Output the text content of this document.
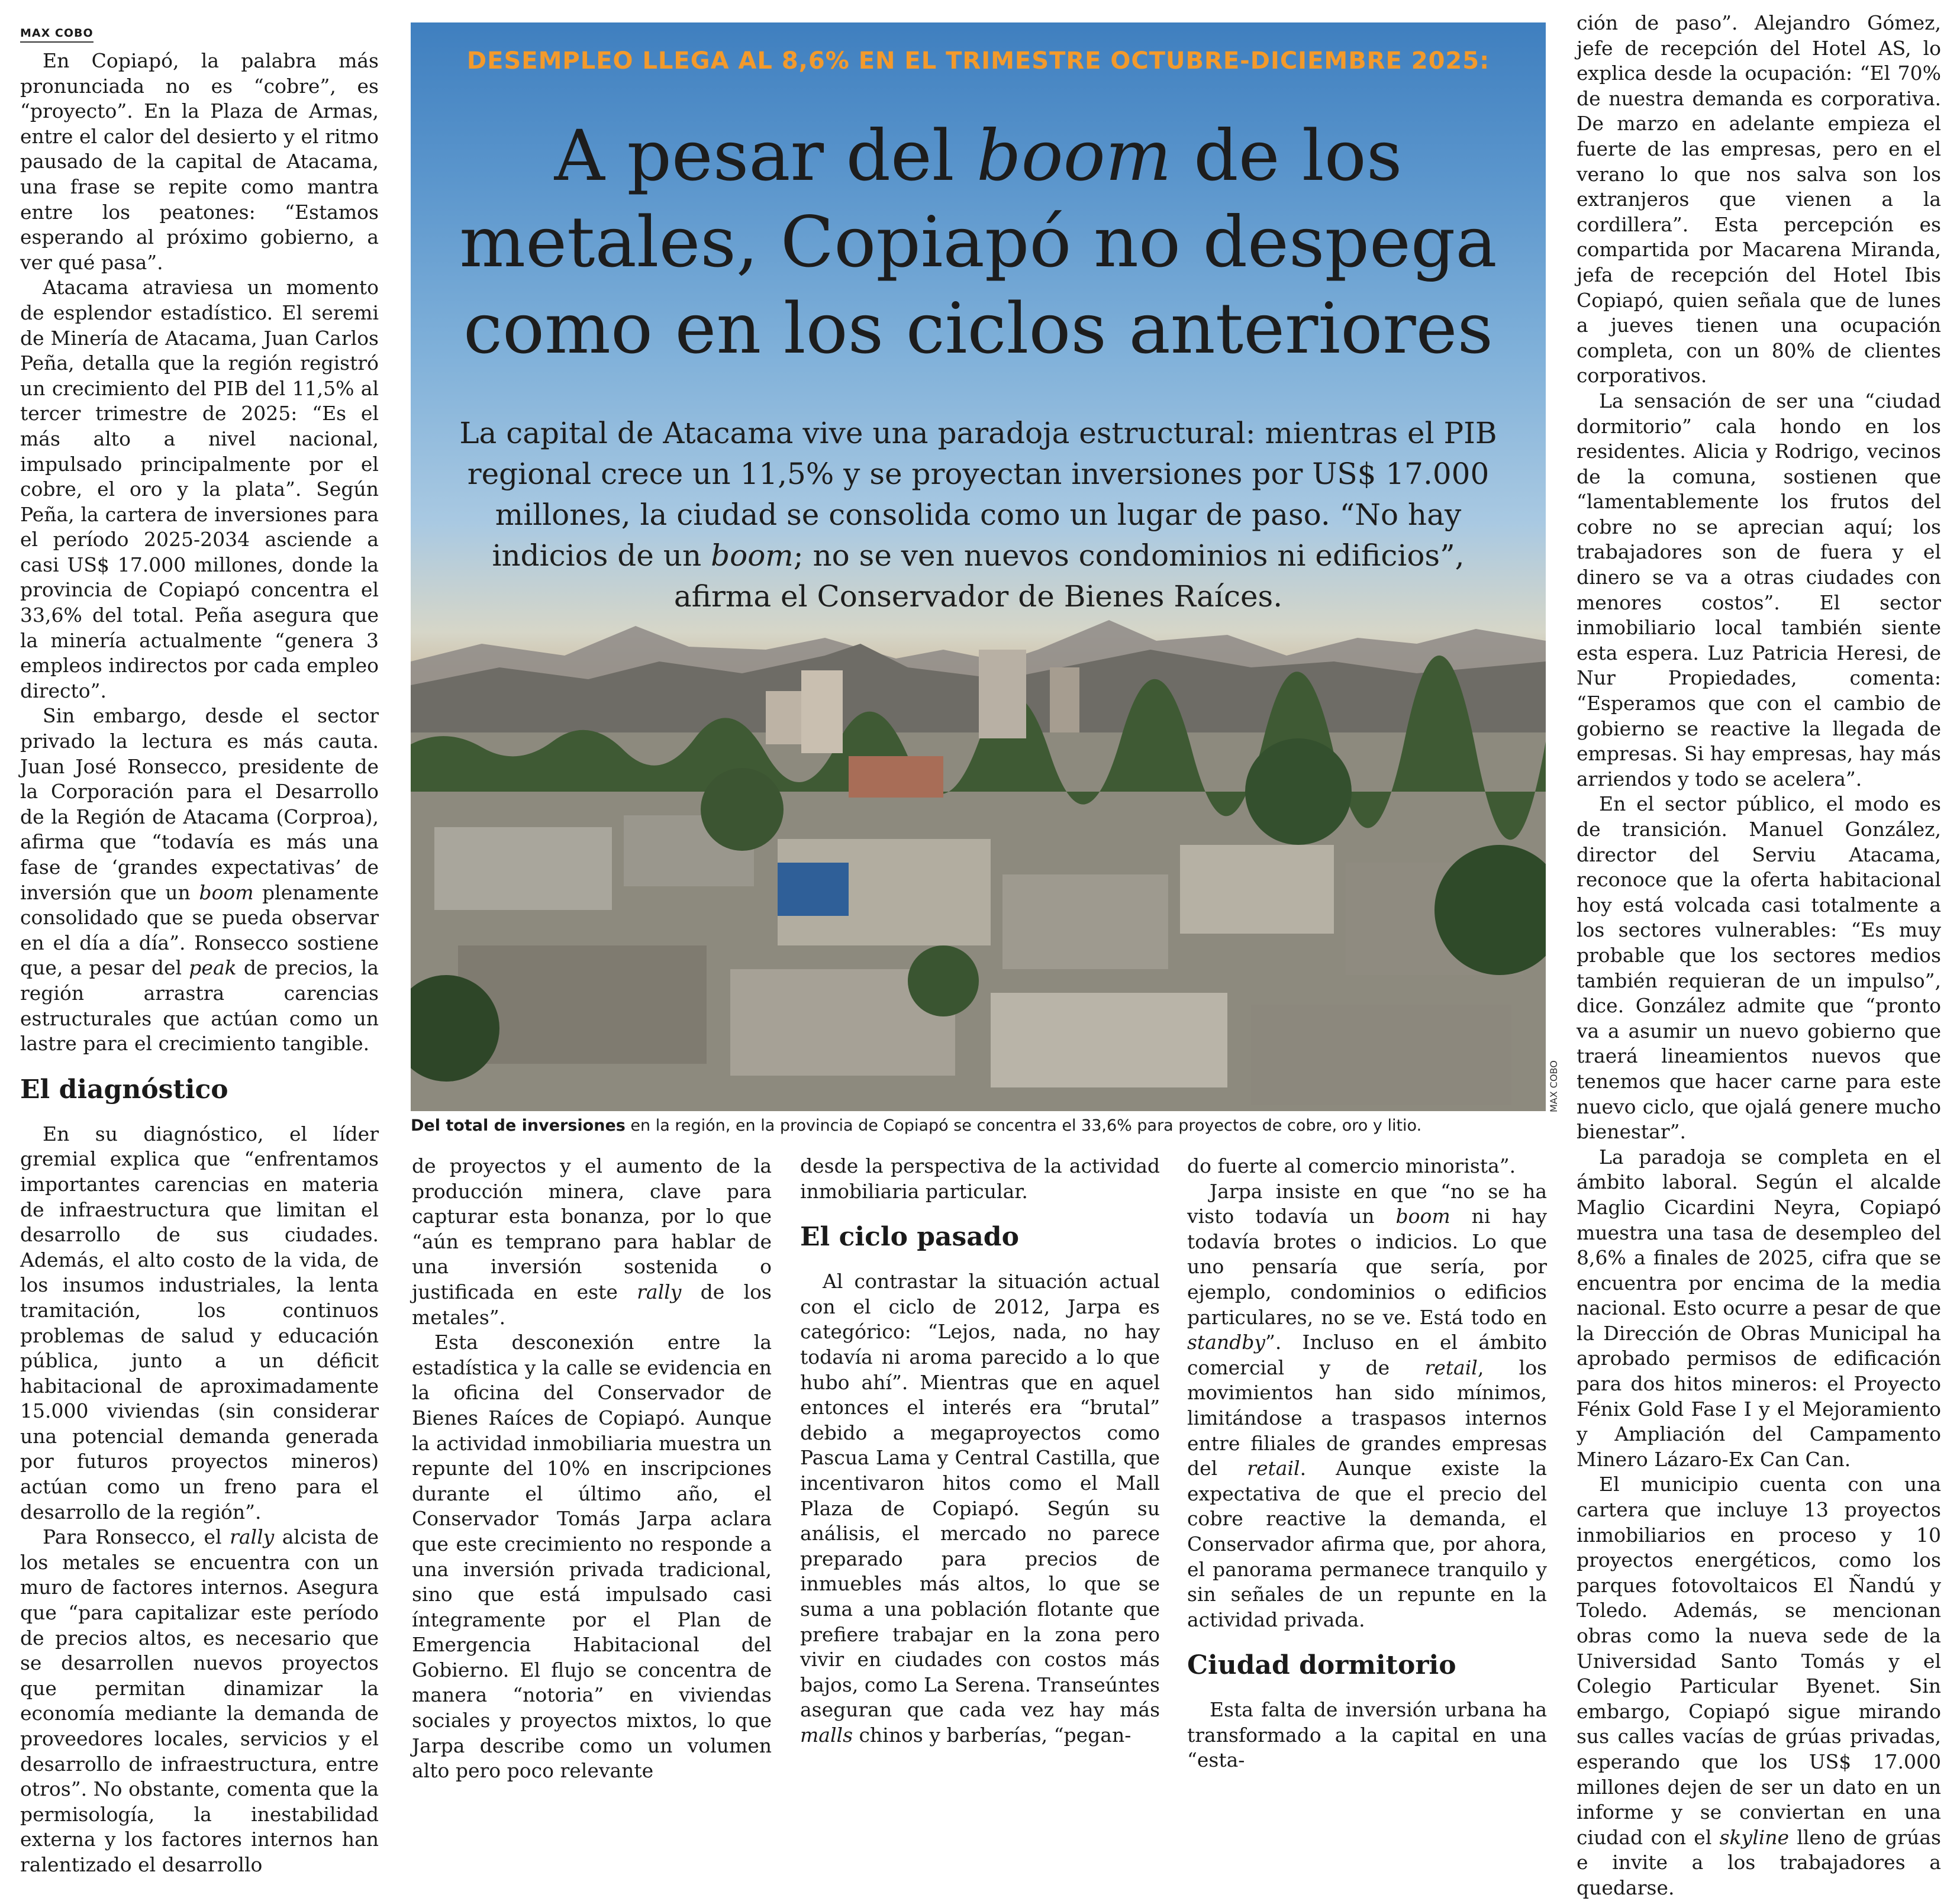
MAX COBO

En Copiapó, la palabra más pronunciada no es “cobre”, es “proyecto”. En la Plaza de Armas, entre el calor del desierto y el ritmo pausado de la capital de Atacama, una frase se repite como mantra entre los peatones: “Estamos esperando al próximo gobierno, a ver qué pasa”.

Atacama atraviesa un momento de esplendor estadístico. El seremi de Minería de Atacama, Juan Carlos Peña, detalla que la región registró un crecimiento del PIB del 11,5% al tercer trimestre de 2025: “Es el más alto a nivel nacional, impulsado principalmente por el cobre, el oro y la plata”. Según Peña, la cartera de inversiones para el período 2025-2034 asciende a casi US$ 17.000 millones, donde la provincia de Copiapó concentra el 33,6% del total. Peña asegura que la minería actualmente “genera 3 empleos indirectos por cada empleo directo”.

Sin embargo, desde el sector privado la lectura es más cauta. Juan José Ronsecco, presidente de la Corporación para el Desarrollo de la Región de Atacama (Corproa), afirma que “todavía es más una fase de ‘grandes expectativas’ de inversión que un boom plenamente consolidado que se pueda observar en el día a día”. Ronsecco sostiene que, a pesar del peak de precios, la región arrastra carencias estructurales que actúan como un lastre para el crecimiento tangible.

El diagnóstico

En su diagnóstico, el líder gremial explica que “enfrentamos importantes carencias en materia de infraestructura que limitan el desarrollo de sus ciudades. Además, el alto costo de la vida, de los insumos industriales, la lenta tramitación, los continuos problemas de salud y educación pública, junto a un déficit habitacional de aproximadamente 15.000 viviendas (sin considerar una potencial demanda generada por futuros proyectos mineros) actúan como un freno para el desarrollo de la región”.

Para Ronsecco, el rally alcista de los metales se encuentra con un muro de factores internos. Asegura que “para capitalizar este período de precios altos, es necesario que se desarrollen nuevos proyectos que permitan dinamizar la economía mediante la demanda de proveedores locales, servicios y el desarrollo de infraestructura, entre otros”. No obstante, comenta que la permisología, la inestabilidad externa y los factores internos han ralentizado el desarrollo

DESEMPLEO LLEGA AL 8,6% EN EL TRIMESTRE OCTUBRE-DICIEMBRE 2025:
A pesar del boom de los metales, Copiapó no despega como en los ciclos anteriores
La capital de Atacama vive una paradoja estructural: mientras el PIB regional crece un 11,5% y se proyectan inversiones por US$ 17.000 millones, la ciudad se consolida como un lugar de paso. “No hay indicios de un boom; no se ven nuevos condominios ni edificios”, afirma el Conservador de Bienes Raíces.
MAX COBO
Del total de inversiones en la región, en la provincia de Copiapó se concentra el 33,6% para proyectos de cobre, oro y litio.

de proyectos y el aumento de la producción minera, clave para capturar esta bonanza, por lo que “aún es temprano para hablar de una inversión sostenida o justificada en este rally de los metales”.

Esta desconexión entre la estadística y la calle se evidencia en la oficina del Conservador de Bienes Raíces de Copiapó. Aunque la actividad inmobiliaria muestra un repunte del 10% en inscripciones durante el último año, el Conservador Tomás Jarpa aclara que este crecimiento no responde a una inversión privada tradicional, sino que está impulsado casi íntegramente por el Plan de Emergencia Habitacional del Gobierno. El flujo se concentra de manera “notoria” en viviendas sociales y proyectos mixtos, lo que Jarpa describe como un volumen alto pero poco relevante

desde la perspectiva de la actividad inmobiliaria particular.

El ciclo pasado

Al contrastar la situación actual con el ciclo de 2012, Jarpa es categórico: “Lejos, nada, no hay todavía ni aroma parecido a lo que hubo ahí”. Mientras que en aquel entonces el interés era “brutal” debido a megaproyectos como Pascua Lama y Central Castilla, que incentivaron hitos como el Mall Plaza de Copiapó. Según su análisis, el mercado no parece preparado para precios de inmuebles más altos, lo que se suma a una población flotante que prefiere trabajar en la zona pero vivir en ciudades con costos más bajos, como La Serena. Transeúntes aseguran que cada vez hay más malls chinos y barberías, “pegan-

do fuerte al comercio minorista”.

Jarpa insiste en que “no se ha visto todavía un boom ni hay todavía brotes o indicios. Lo que uno pensaría que sería, por ejemplo, condominios o edificios particulares, no se ve. Está todo en standby”. Incluso en el ámbito comercial y de retail, los movimientos han sido mínimos, limitándose a traspasos internos entre filiales de grandes empresas del retail. Aunque existe la expectativa de que el precio del cobre reactive la demanda, el Conservador afirma que, por ahora, el panorama permanece tranquilo y sin señales de un repunte en la actividad privada.

Ciudad dormitorio

Esta falta de inversión urbana ha transformado a la capital en una “esta-

ción de paso”. Alejandro Gómez, jefe de recepción del Hotel AS, lo explica desde la ocupación: “El 70% de nuestra demanda es corporativa. De marzo en adelante empieza el fuerte de las empresas, pero en el verano lo que nos salva son los extranjeros que vienen a la cordillera”. Esta percepción es compartida por Macarena Miranda, jefa de recepción del Hotel Ibis Copiapó, quien señala que de lunes a jueves tienen una ocupación completa, con un 80% de clientes corporativos.

La sensación de ser una “ciudad dormitorio” cala hondo en los residentes. Alicia y Rodrigo, vecinos de la comuna, sostienen que “lamentablemente los frutos del cobre no se aprecian aquí; los trabajadores son de fuera y el dinero se va a otras ciudades con menores costos”. El sector inmobiliario local también siente esta espera. Luz Patricia Heresi, de Nur Propiedades, comenta: “Esperamos que con el cambio de gobierno se reactive la llegada de empresas. Si hay empresas, hay más arriendos y todo se acelera”.

En el sector público, el modo es de transición. Manuel González, director del Serviu Atacama, reconoce que la oferta habitacional hoy está volcada casi totalmente a los sectores vulnerables: “Es muy probable que los sectores medios también requieran de un impulso”, dice. González admite que “pronto va a asumir un nuevo gobierno que traerá lineamientos nuevos que tenemos que hacer carne para este nuevo ciclo, que ojalá genere mucho bienestar”.

La paradoja se completa en el ámbito laboral. Según el alcalde Maglio Cicardini Neyra, Copiapó muestra una tasa de desempleo del 8,6% a finales de 2025, cifra que se encuentra por encima de la media nacional. Esto ocurre a pesar de que la Dirección de Obras Municipal ha aprobado permisos de edificación para dos hitos mineros: el Proyecto Fénix Gold Fase I y el Mejoramiento y Ampliación del Campamento Minero Lázaro-Ex Can Can.

El municipio cuenta con una cartera que incluye 13 proyectos inmobiliarios en proceso y 10 proyectos energéticos, como los parques fotovoltaicos El Ñandú y Toledo. Además, se mencionan obras como la nueva sede de la Universidad Santo Tomás y el Colegio Particular Byenet. Sin embargo, Copiapó sigue mirando sus calles vacías de grúas privadas, esperando que los US$ 17.000 millones dejen de ser un dato en un informe y se conviertan en una ciudad con el skyline lleno de grúas e invite a los trabajadores a quedarse.
